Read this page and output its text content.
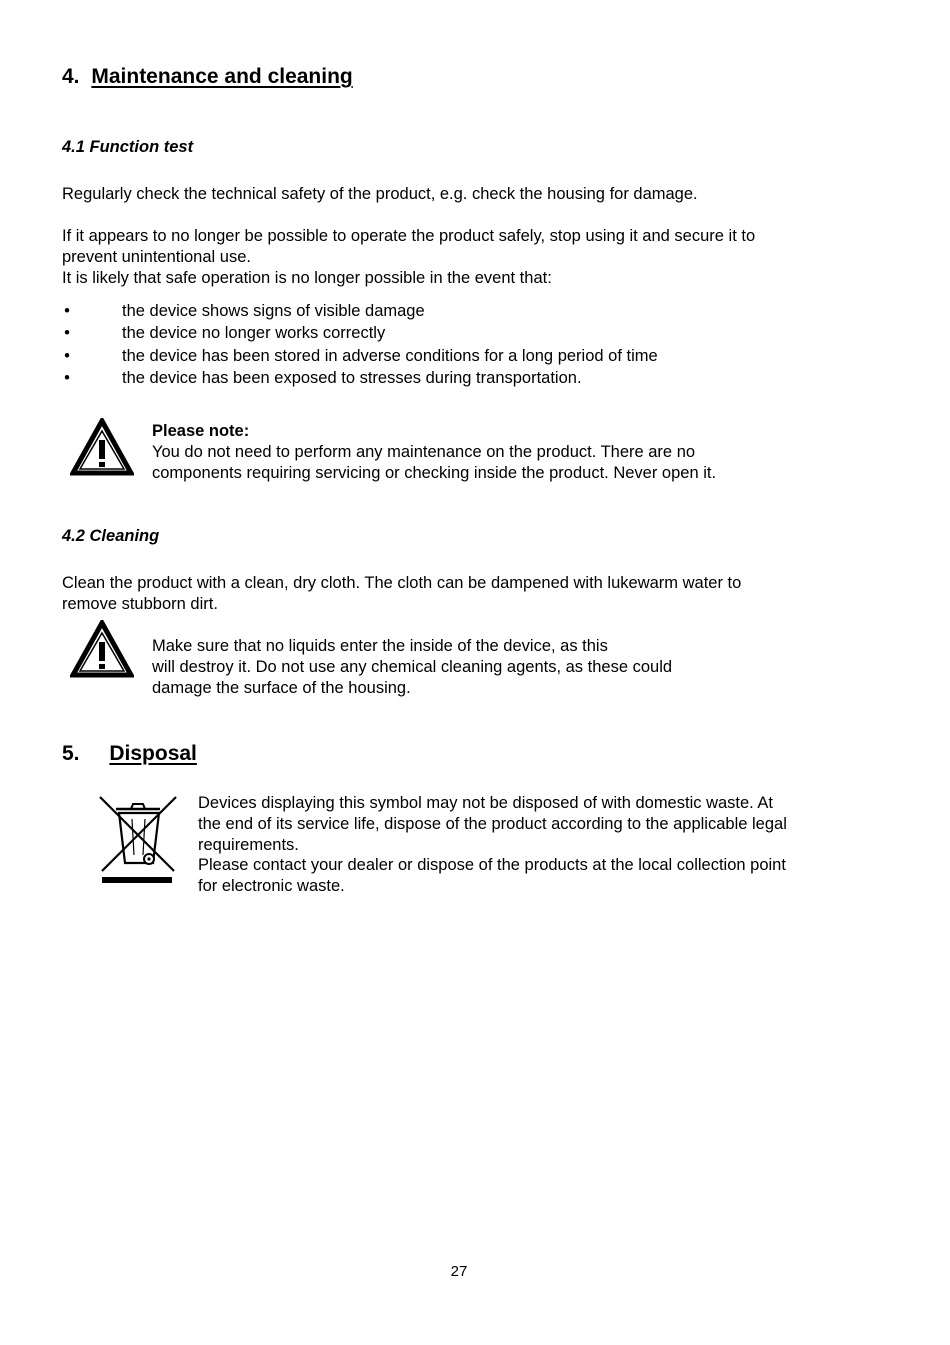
4. Maintenance and cleaning
4.1 Function test
Regularly check the technical safety of the product, e.g. check the housing for damage.
If it appears to no longer be possible to operate the product safely, stop using it and secure it to
prevent unintentional use.
It is likely that safe operation is no longer possible in the event that:
•	the device shows signs of visible damage
•	the device no longer works correctly
•	the device has been stored in adverse conditions for a long period of time
•	the device has been exposed to stresses during transportation.
Please note:
You do not need to perform any maintenance on the product. There are no
components requiring servicing or checking inside the product. Never open it.
4.2 Cleaning
Clean the product with a clean, dry cloth. The cloth can be dampened with lukewarm water to
remove stubborn dirt.
Make sure that no liquids enter the inside of the device, as this
will destroy it. Do not use any chemical cleaning agents, as these could
damage the surface of the housing.
5. Disposal
Devices displaying this symbol may not be disposed of with domestic waste. At
the end of its service life, dispose of the product according to the applicable legal
requirements.
Please contact your dealer or dispose of the products at the local collection point
for electronic waste.
27
